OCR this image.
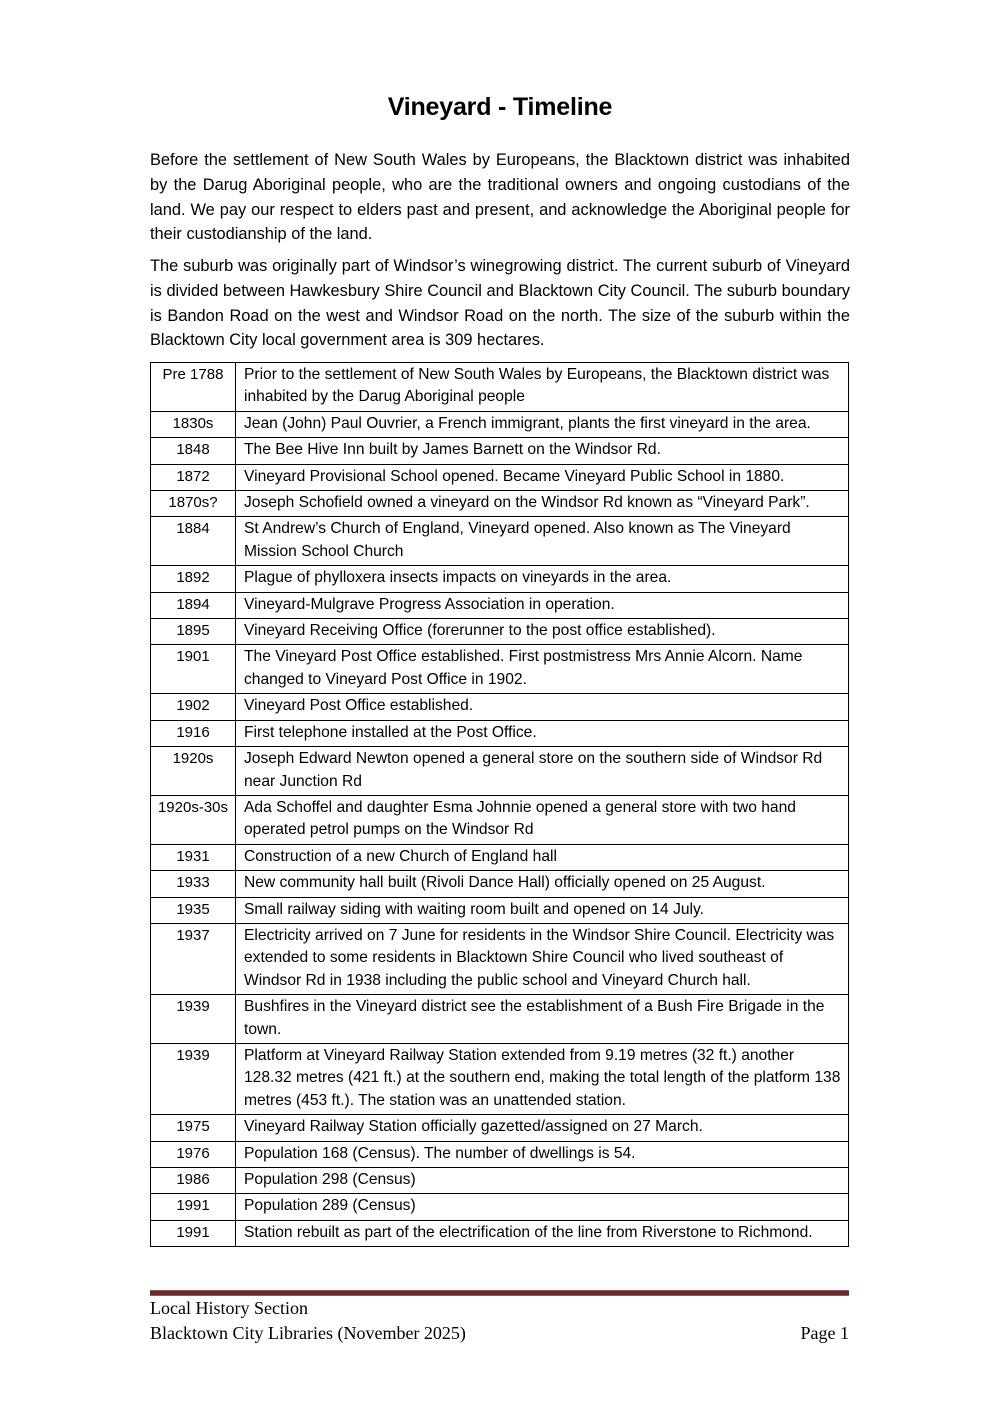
Vineyard - Timeline

Before the settlement of New South Wales by Europeans, the Blacktown district was inhabited by the Darug Aboriginal people, who are the traditional owners and ongoing custodians of the land. We pay our respect to elders past and present, and acknowledge the Aboriginal people for their custodianship of the land.

The suburb was originally part of Windsor’s winegrowing district. The current suburb of Vineyard is divided between Hawkesbury Shire Council and Blacktown City Council. The suburb boundary is Bandon Road on the west and Windsor Road on the north. The size of the suburb within the Blacktown City local government area is 309 hectares.

Pre 1788	Prior to the settlement of New South Wales by Europeans, the Blacktown district was inhabited by the Darug Aboriginal people
1830s	Jean (John) Paul Ouvrier, a French immigrant, plants the first vineyard in the area.
1848	The Bee Hive Inn built by James Barnett on the Windsor Rd.
1872	Vineyard Provisional School opened. Became Vineyard Public School in 1880.
1870s?	Joseph Schofield owned a vineyard on the Windsor Rd known as “Vineyard Park”.
1884	St Andrew’s Church of England, Vineyard opened. Also known as The Vineyard Mission School Church
1892	Plague of phylloxera insects impacts on vineyards in the area.
1894	Vineyard-Mulgrave Progress Association in operation.
1895	Vineyard Receiving Office (forerunner to the post office established).
1901	The Vineyard Post Office established. First postmistress Mrs Annie Alcorn. Name changed to Vineyard Post Office in 1902.
1902	Vineyard Post Office established.
1916	First telephone installed at the Post Office.
1920s	Joseph Edward Newton opened a general store on the southern side of Windsor Rd near Junction Rd
1920s-30s	Ada Schoffel and daughter Esma Johnnie opened a general store with two hand operated petrol pumps on the Windsor Rd
1931	Construction of a new Church of England hall
1933	New community hall built (Rivoli Dance Hall) officially opened on 25 August.
1935	Small railway siding with waiting room built and opened on 14 July.
1937	Electricity arrived on 7 June for residents in the Windsor Shire Council. Electricity was extended to some residents in Blacktown Shire Council who lived southeast of Windsor Rd in 1938 including the public school and Vineyard Church hall.
1939	Bushfires in the Vineyard district see the establishment of a Bush Fire Brigade in the town.
1939	Platform at Vineyard Railway Station extended from 9.19 metres (32 ft.) another 128.32 metres (421 ft.) at the southern end, making the total length of the platform 138 metres (453 ft.). The station was an unattended station.
1975	Vineyard Railway Station officially gazetted/assigned on 27 March.
1976	Population 168 (Census). The number of dwellings is 54.
1986	Population 298 (Census)
1991	Population 289 (Census)
1991	Station rebuilt as part of the electrification of the line from Riverstone to Richmond.
Local History Section
Blacktown City Libraries (November 2025)	Page 1
